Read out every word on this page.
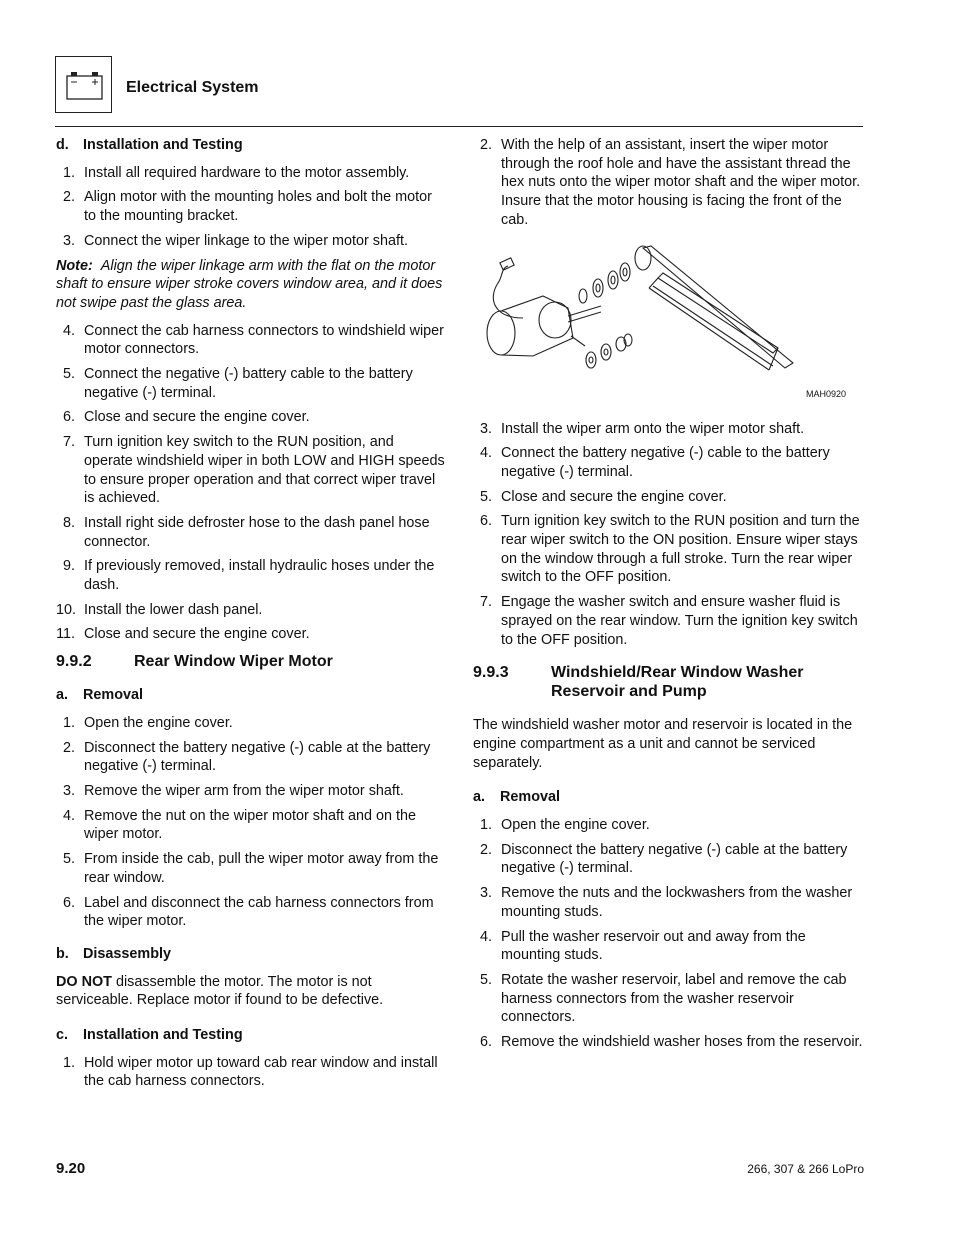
Electrical System
d. Installation and Testing
1. Install all required hardware to the motor assembly.
2. Align motor with the mounting holes and bolt the motor to the mounting bracket.
3. Connect the wiper linkage to the wiper motor shaft.
Note: Align the wiper linkage arm with the flat on the motor shaft to ensure wiper stroke covers window area, and it does not swipe past the glass area.
4. Connect the cab harness connectors to windshield wiper motor connectors.
5. Connect the negative (-) battery cable to the battery negative (-) terminal.
6. Close and secure the engine cover.
7. Turn ignition key switch to the RUN position, and operate windshield wiper in both LOW and HIGH speeds to ensure proper operation and that correct wiper travel is achieved.
8. Install right side defroster hose to the dash panel hose connector.
9. If previously removed, install hydraulic hoses under the dash.
10. Install the lower dash panel.
11. Close and secure the engine cover.
9.9.2	Rear Window Wiper Motor
a. Removal
1. Open the engine cover.
2. Disconnect the battery negative (-) cable at the battery negative (-) terminal.
3. Remove the wiper arm from the wiper motor shaft.
4. Remove the nut on the wiper motor shaft and on the wiper motor.
5. From inside the cab, pull the wiper motor away from the rear window.
6. Label and disconnect the cab harness connectors from the wiper motor.
b. Disassembly
DO NOT disassemble the motor. The motor is not serviceable. Replace motor if found to be defective.
c. Installation and Testing
1. Hold wiper motor up toward cab rear window and install the cab harness connectors.
2. With the help of an assistant, insert the wiper motor through the roof hole and have the assistant thread the hex nuts onto the wiper motor shaft and the wiper motor. Insure that the motor housing is facing the front of the cab.
MAH0920
3. Install the wiper arm onto the wiper motor shaft.
4. Connect the battery negative (-) cable to the battery negative (-) terminal.
5. Close and secure the engine cover.
6. Turn ignition key switch to the RUN position and turn the rear wiper switch to the ON position. Ensure wiper stays on the window through a full stroke. Turn the rear wiper switch to the OFF position.
7. Engage the washer switch and ensure washer fluid is sprayed on the rear window. Turn the ignition key switch to the OFF position.
9.9.3	Windshield/Rear Window Washer Reservoir and Pump
The windshield washer motor and reservoir is located in the engine compartment as a unit and cannot be serviced separately.
a. Removal
1. Open the engine cover.
2. Disconnect the battery negative (-) cable at the battery negative (-) terminal.
3. Remove the nuts and the lockwashers from the washer mounting studs.
4. Pull the washer reservoir out and away from the mounting studs.
5. Rotate the washer reservoir, label and remove the cab harness connectors from the washer reservoir connectors.
6. Remove the windshield washer hoses from the reservoir.
9.20	266, 307 & 266 LoPro
